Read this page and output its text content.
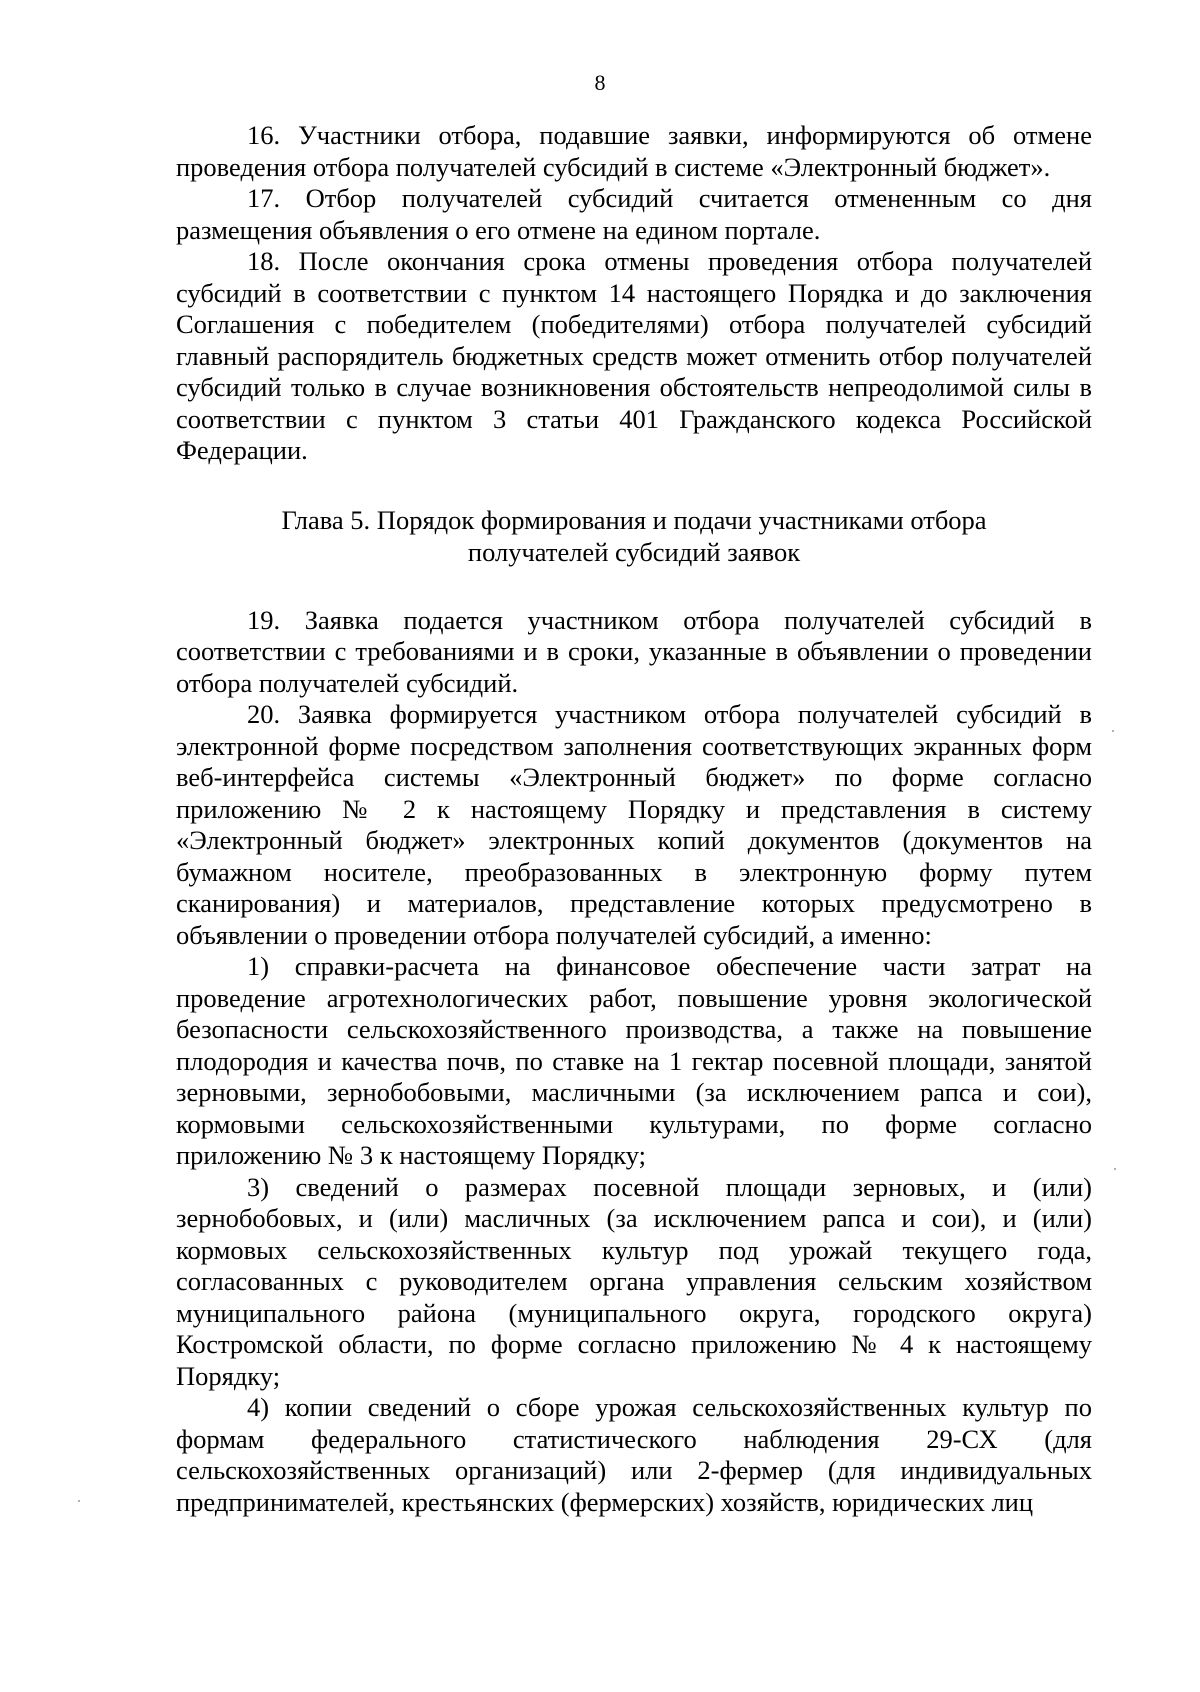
8

16. Участники отбора, подавшие заявки, информируются об отмене проведения отбора получателей субсидий в системе «Электронный бюджет».

17. Отбор получателей субсидий считается отмененным со дня размещения объявления о его отмене на едином портале.

18. После окончания срока отмены проведения отбора получателей субсидий в соответствии с пунктом 14 настоящего Порядка и до заключения Соглашения с победителем (победителями) отбора получателей субсидий главный распорядитель бюджетных средств может отменить отбор получателей субсидий только в случае возникновения обстоятельств непреодолимой силы в соответствии с пунктом 3 статьи 401 Гражданского кодекса Российской Федерации.

Глава 5. Порядок формирования и подачи участниками отбора
получателей субсидий заявок

19. Заявка подается участником отбора получателей субсидий в соответствии с требованиями и в сроки, указанные в объявлении о проведении отбора получателей субсидий.

20. Заявка формируется участником отбора получателей субсидий в электронной форме посредством заполнения соответствующих экранных форм веб-интерфейса системы «Электронный бюджет» по форме согласно приложению № 2 к настоящему Порядку и представления в систему «Электронный бюджет» электронных копий документов (документов на бумажном носителе, преобразованных в электронную форму путем сканирования) и материалов, представление которых предусмотрено в объявлении о проведении отбора получателей субсидий, а именно:

1) справки-расчета на финансовое обеспечение части затрат на проведение агротехнологических работ, повышение уровня экологической безопасности сельскохозяйственного производства, а также на повышение плодородия и качества почв, по ставке на 1 гектар посевной площади, занятой зерновыми, зернобобовыми, масличными (за исключением рапса и сои), кормовыми сельскохозяйственными культурами, по форме согласно приложению № 3 к настоящему Порядку;

3) сведений о размерах посевной площади зерновых, и (или) зернобобовых, и (или) масличных (за исключением рапса и сои), и (или) кормовых сельскохозяйственных культур под урожай текущего года, согласованных с руководителем органа управления сельским хозяйством муниципального района (муниципального округа, городского округа) Костромской области, по форме согласно приложению № 4 к настоящему Порядку;

4) копии сведений о сборе урожая сельскохозяйственных культур по формам федерального статистического наблюдения 29-СХ (для сельскохозяйственных организаций) или 2-фермер (для индивидуальных предпринимателей, крестьянских (фермерских) хозяйств, юридических лиц
